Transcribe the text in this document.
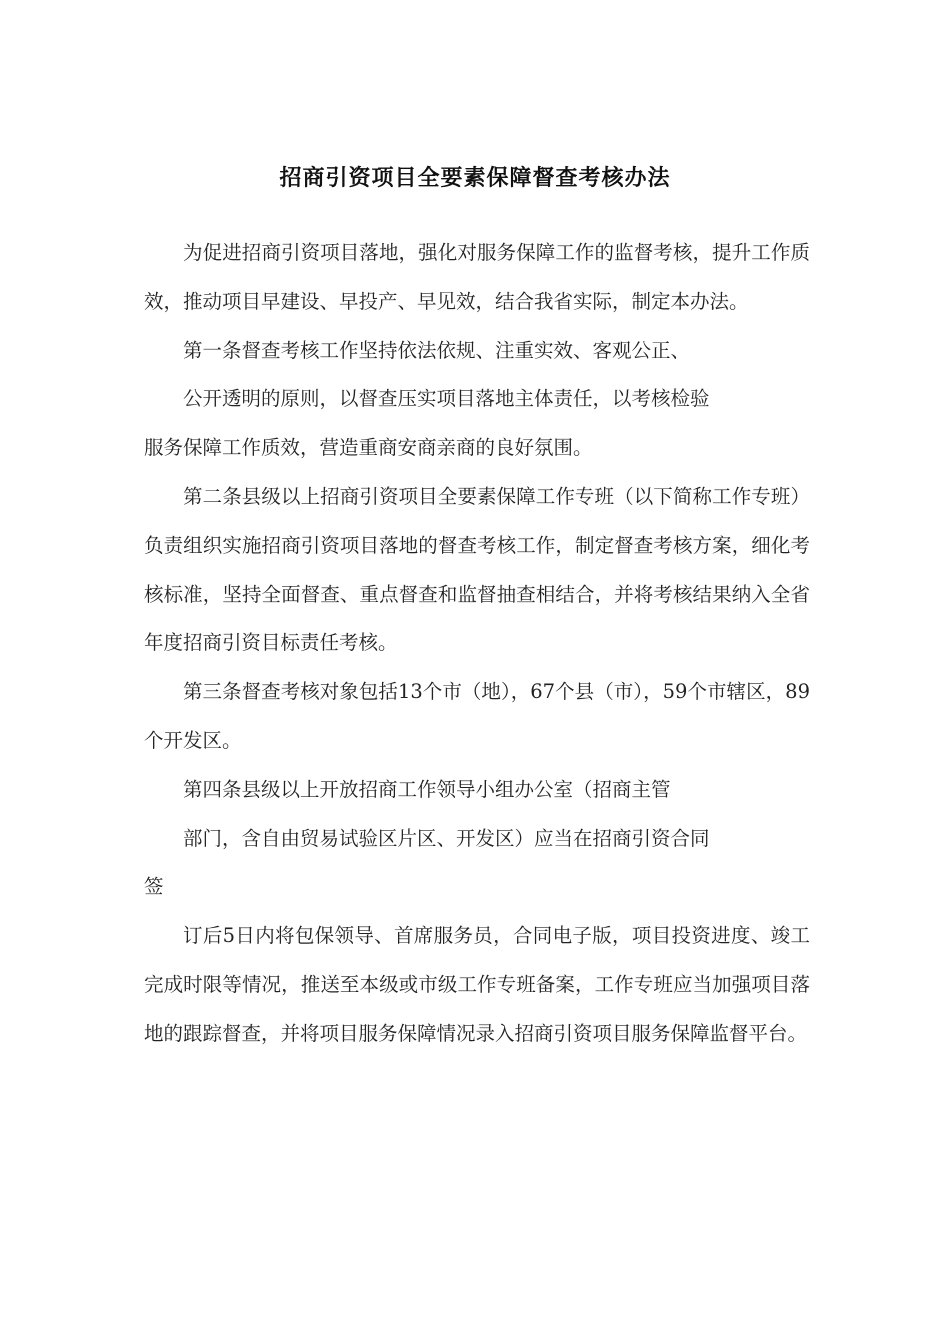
招商引资项目全要素保障督查考核办法

为促进招商引资项目落地，强化对服务保障工作的监督考核，提升工作质效，推动项目早建设、早投产、早见效，结合我省实际，制定本办法。

第一条督查考核工作坚持依法依规、注重实效、客观公正、

公开透明的原则，以督查压实项目落地主体责任，以考核检验

服务保障工作质效，营造重商安商亲商的良好氛围。

第二条县级以上招商引资项目全要素保障工作专班（以下简称工作专班）负责组织实施招商引资项目落地的督查考核工作，制定督查考核方案，细化考核标准，坚持全面督查、重点督查和监督抽查相结合，并将考核结果纳入全省年度招商引资目标责任考核。

第三条督查考核对象包括13个市（地），67个县（市），59个市辖区，89个开发区。

第四条县级以上开放招商工作领导小组办公室（招商主管

部门，含自由贸易试验区片区、开发区）应当在招商引资合同

签

订后5日内将包保领导、首席服务员，合同电子版，项目投资进度、竣工完成时限等情况，推送至本级或市级工作专班备案，工作专班应当加强项目落地的跟踪督查，并将项目服务保障情况录入招商引资项目服务保障监督平台。
